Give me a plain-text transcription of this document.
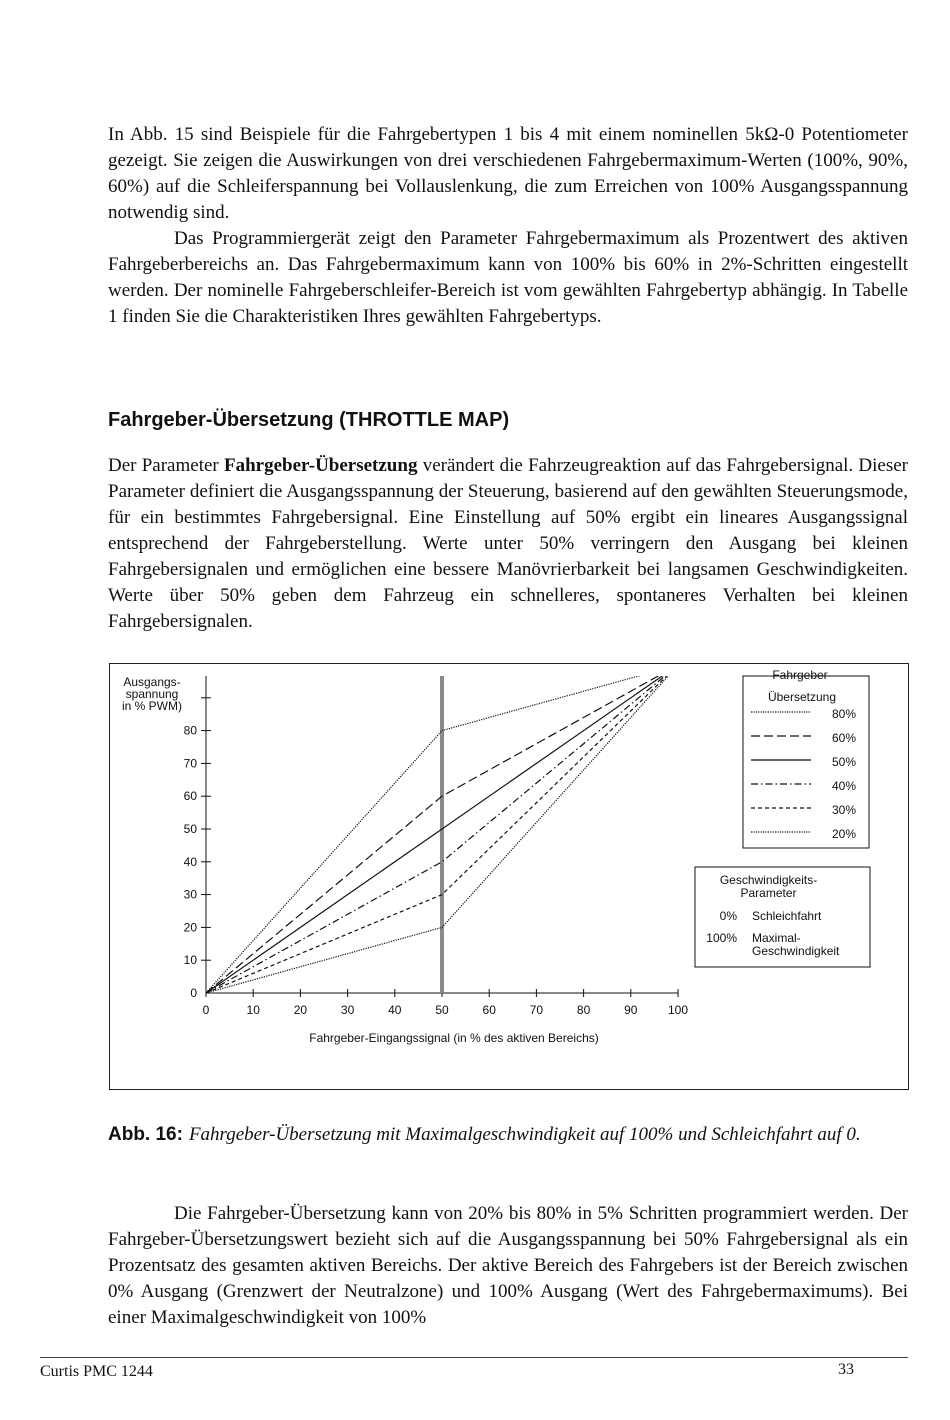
In Abb. 15 sind Beispiele für die Fahrgebertypen 1 bis 4 mit einem nominellen 5kΩ-0 Potentiometer gezeigt. Sie zeigen die Auswirkungen von drei verschiedenen Fahrgebermaximum-Werten (100%, 90%, 60%) auf die Schleiferspannung bei Vollauslenkung, die zum Erreichen von 100% Ausgangsspannung notwendig sind.

Das Programmiergerät zeigt den Parameter Fahrgebermaximum als Prozentwert des aktiven Fahrgeberbereichs an. Das Fahrgebermaximum kann von 100% bis 60% in 2%-Schritten eingestellt werden. Der nominelle Fahrgeberschleifer-Bereich ist vom gewählten Fahrgebertyp abhängig. In Tabelle 1 finden Sie die Charakteristiken Ihres gewählten Fahrgebertyps.

Fahrgeber-Übersetzung (THROTTLE MAP)

Der Parameter Fahrgeber-Übersetzung verändert die Fahrzeugreaktion auf das Fahrgebersignal. Dieser Parameter definiert die Ausgangsspannung der Steuerung, basierend auf den gewählten Steuerungsmode, für ein bestimmtes Fahrgebersignal. Eine Einstellung auf 50% ergibt ein lineares Ausgangssignal entsprechend der Fahrgeberstellung. Werte unter 50% verringern den Ausgang bei kleinen Fahrgebersignalen und ermöglichen eine bessere Manövrierbarkeit bei langsamen Geschwindigkeiten. Werte über 50% geben dem Fahrzeug ein schnelleres, spontaneres Verhalten bei kleinen Fahrgebersignalen.

0
10
20
30
40
50
60
70
80
0	10	20	30	40	50	60	70	80	90	100
Ausgangs-
spannung
in % PWM)
Fahrgeber-Eingangssignal (in % des aktiven Bereichs)
Fahrgeber-
Übersetzung
80%
60%
50%
40%
30%
20%
Geschwindigkeits-
Parameter
0% Schleichfahrt
100% Maximal-
Geschwindigkeit

Abb. 16: Fahrgeber-Übersetzung mit Maximalgeschwindigkeit auf 100% und Schleichfahrt auf 0.

Die Fahrgeber-Übersetzung kann von 20% bis 80% in 5% Schritten programmiert werden. Der Fahrgeber-Übersetzungswert bezieht sich auf die Ausgangsspannung bei 50% Fahrgebersignal als ein Prozentsatz des gesamten aktiven Bereichs. Der aktive Bereich des Fahrgebers ist der Bereich zwischen 0% Ausgang (Grenzwert der Neutralzone) und 100% Ausgang (Wert des Fahrgebermaximums). Bei einer Maximalgeschwindigkeit von 100%

Curtis PMC 1244	33
